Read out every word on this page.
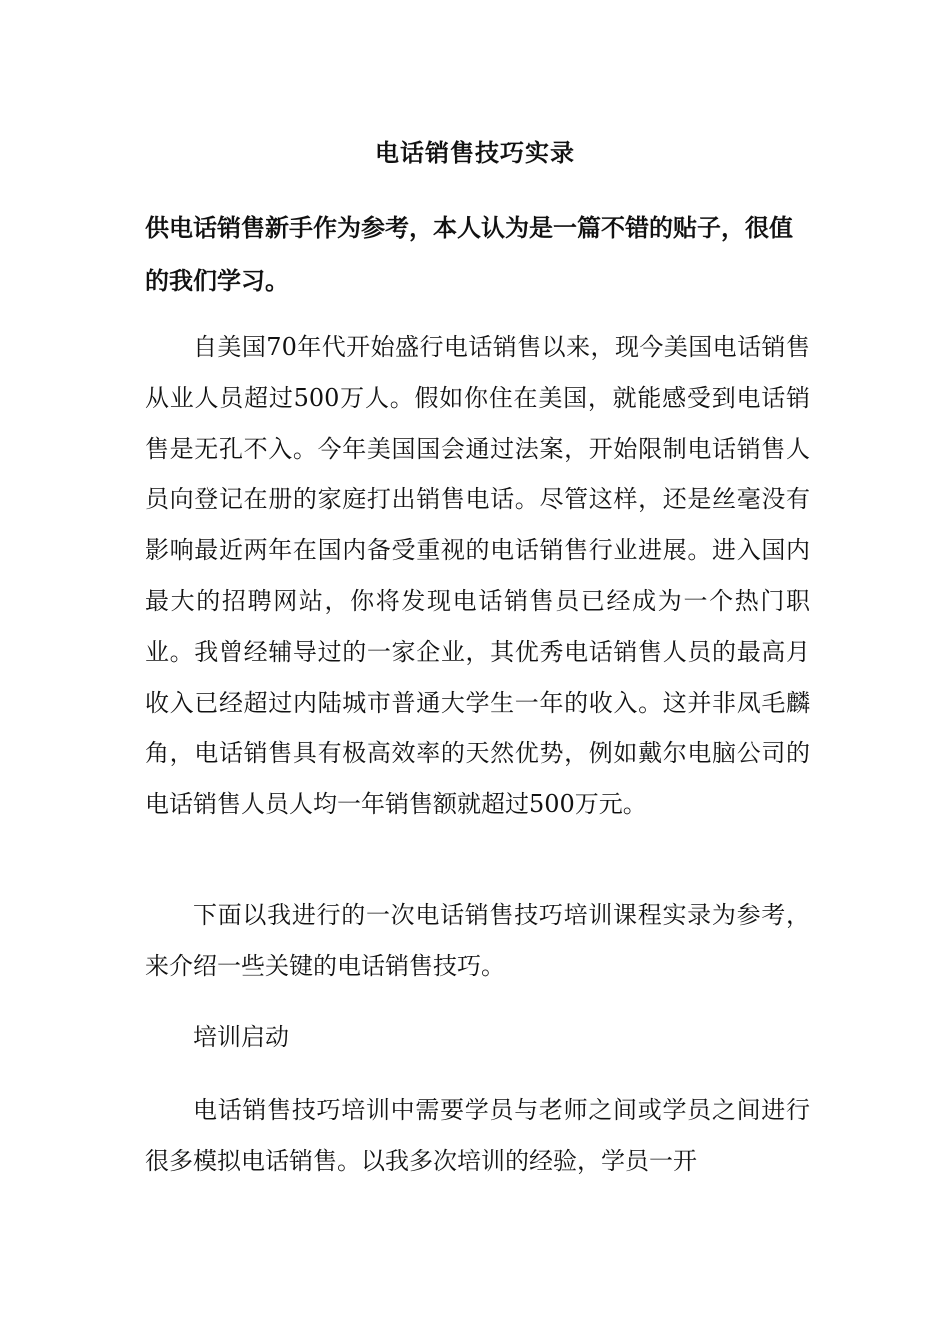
电话销售技巧实录

供电话销售新手作为参考，本人认为是一篇不错的贴子，很值的我们学习。

自美国70年代开始盛行电话销售以来，现今美国电话销售从业人员超过500万人。假如你住在美国，就能感受到电话销售是无孔不入。今年美国国会通过法案，开始限制电话销售人员向登记在册的家庭打出销售电话。尽管这样，还是丝毫没有影响最近两年在国内备受重视的电话销售行业进展。进入国内最大的招聘网站，你将发现电话销售员已经成为一个热门职业。我曾经辅导过的一家企业，其优秀电话销售人员的最高月收入已经超过内陆城市普通大学生一年的收入。这并非凤毛麟角，电话销售具有极高效率的天然优势，例如戴尔电脑公司的电话销售人员人均一年销售额就超过500万元。

下面以我进行的一次电话销售技巧培训课程实录为参考，来介绍一些关键的电话销售技巧。

培训启动

电话销售技巧培训中需要学员与老师之间或学员之间进行很多模拟电话销售。以我多次培训的经验，学员一开
